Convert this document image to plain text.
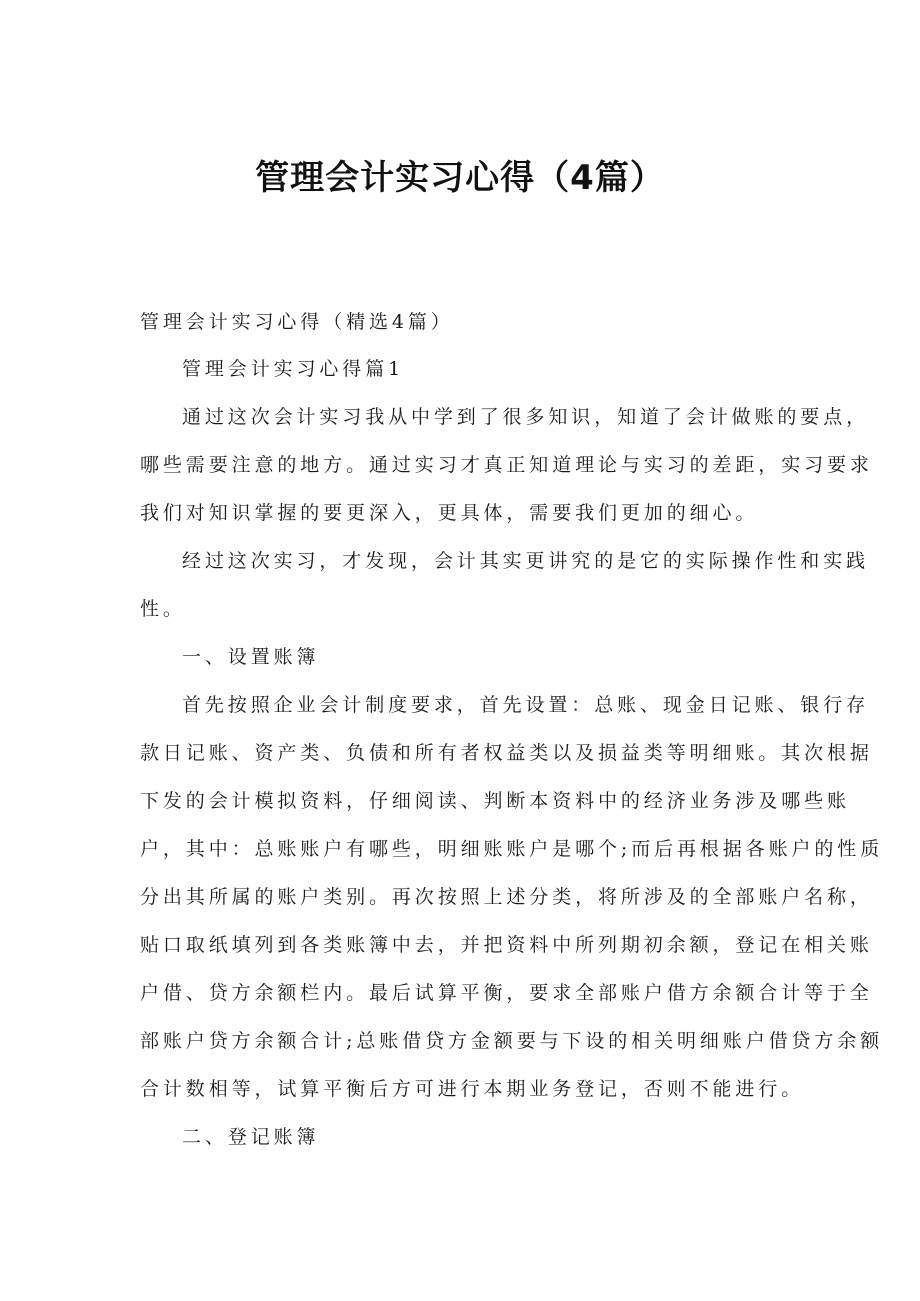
管理会计实习心得（4篇）

管理会计实习心得（精选4篇）

管理会计实习心得篇1

通过这次会计实习我从中学到了很多知识，知道了会计做账的要点，

哪些需要注意的地方。通过实习才真正知道理论与实习的差距，实习要求

我们对知识掌握的要更深入，更具体，需要我们更加的细心。

经过这次实习，才发现，会计其实更讲究的是它的实际操作性和实践

性。

一、设置账簿

首先按照企业会计制度要求，首先设置：总账、现金日记账、银行存

款日记账、资产类、负债和所有者权益类以及损益类等明细账。其次根据

下发的会计模拟资料，仔细阅读、判断本资料中的经济业务涉及哪些账

户，其中：总账账户有哪些，明细账账户是哪个;而后再根据各账户的性质

分出其所属的账户类别。再次按照上述分类，将所涉及的全部账户名称，

贴口取纸填列到各类账簿中去，并把资料中所列期初余额，登记在相关账

户借、贷方余额栏内。最后试算平衡，要求全部账户借方余额合计等于全

部账户贷方余额合计;总账借贷方金额要与下设的相关明细账户借贷方余额

合计数相等，试算平衡后方可进行本期业务登记，否则不能进行。

二、登记账簿
